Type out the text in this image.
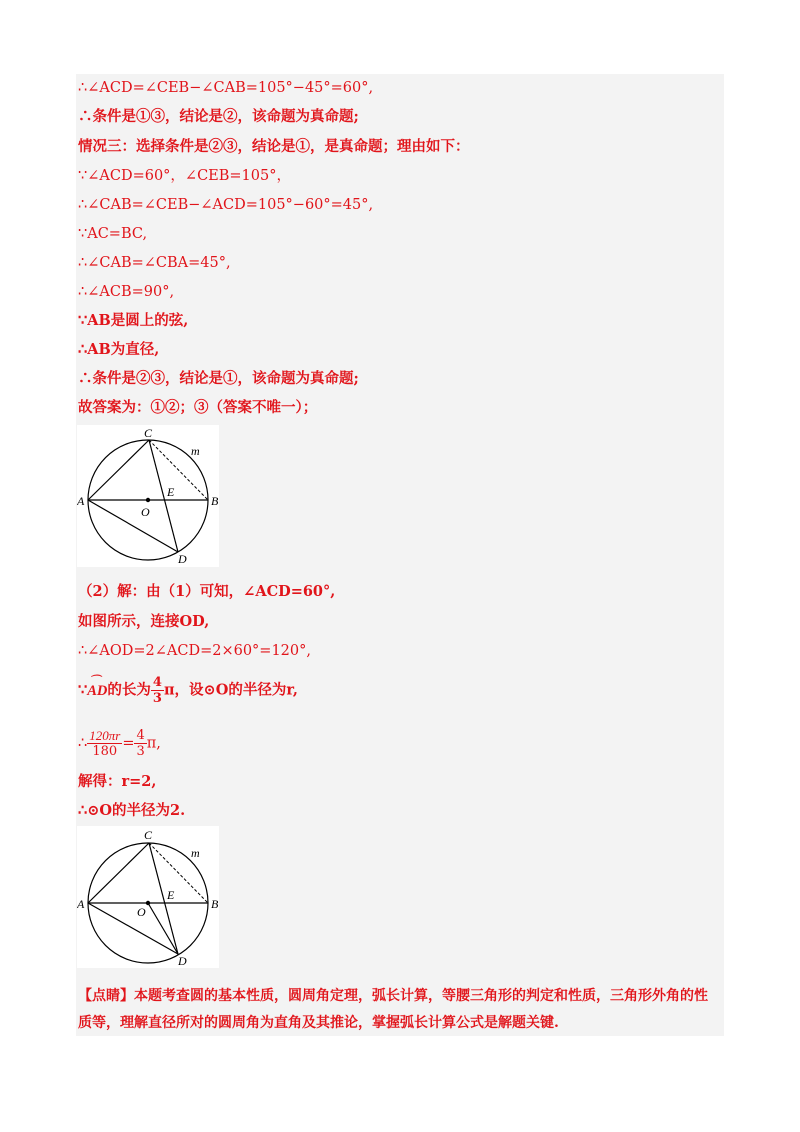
∴∠ACD=∠CEB−∠CAB=105°−45°=60°,
∴条件是①③，结论是②，该命题为真命题;
情况三：选择条件是②③，结论是①，是真命题；理由如下：
∵∠ACD=60°，∠CEB=105°，
∴∠CAB=∠CEB−∠ACD=105°−60°=45°,
∵AC=BC,
∴∠CAB=∠CBA=45°,
∴∠ACB=90°,
∵AB是圆上的弦,
∴AB为直径,
∴条件是②③，结论是①，该命题为真命题;
故答案为：①②；③（答案不唯一）；
C
m
A
E
B
O
D
（2）解：由（1）可知，∠ACD=60°,
如图所示，连接OD,
∴∠AOD=2∠ACD=2×60°=120°,
∵⌒ AD的长为 $\frac{4}{3}$ π，设⊙O的半径为r,
∴ $\frac{120\pi r}{180} = \frac{4}{3} \pi$,
解得：r=2,
∴⊙O的半径为2.
C
m
A
E
B
O
D
【点睛】本题考查圆的基本性质，圆周角定理，弧长计算，等腰三角形的判定和性质，三角形外角的性质等，理解直径所对的圆周角为直角及其推论，掌握弧长计算公式是解题关键.
